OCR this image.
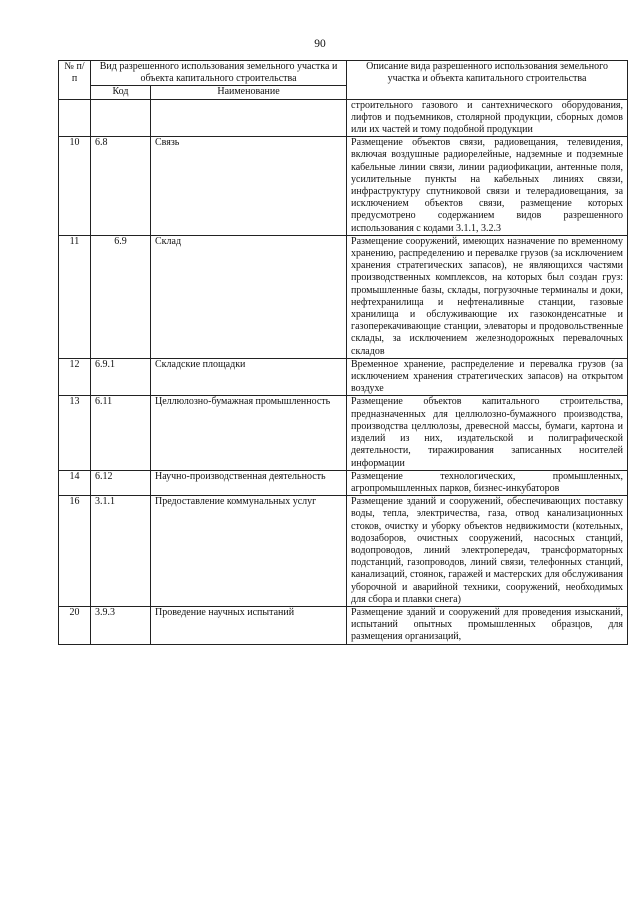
90
№ п/п	Вид разрешенного использования земельного участка и объекта капитального строительства		Описание вида разрешенного использования земельного участка и объекта капитального строительства
	Код	Наименование	
			строительного газового и сантехнического оборудования, лифтов и подъемников, столярной продукции, сборных домов или их частей и тому подобной продукции
10	6.8	Связь	Размещение объектов связи, радиовещания, телевидения, включая воздушные радиорелейные, надземные и подземные кабельные линии связи, линии радиофикации, антенные поля, усилительные пункты на кабельных линиях связи, инфраструктуру спутниковой связи и телерадиовещания, за исключением объектов связи, размещение которых предусмотрено содержанием видов разрешенного использования с кодами 3.1.1, 3.2.3
11	6.9	Склад	Размещение сооружений, имеющих назначение по временному хранению, распределению и перевалке грузов (за исключением хранения стратегических запасов), не являющихся частями производственных комплексов, на которых был создан груз: промышленные базы, склады, погрузочные терминалы и доки, нефтехранилища и нефтеналивные станции, газовые хранилища и обслуживающие их газоконденсатные и газоперекачивающие станции, элеваторы и продовольственные склады, за исключением железнодорожных перевалочных складов
12	6.9.1	Складские площадки	Временное хранение, распределение и перевалка грузов (за исключением хранения стратегических запасов) на открытом воздухе
13	6.11	Целлюлозно-бумажная промышленность	Размещение объектов капитального строительства, предназначенных для целлюлозно-бумажного производства, производства целлюлозы, древесной массы, бумаги, картона и изделий из них, издательской и полиграфической деятельности, тиражирования записанных носителей информации
14	6.12	Научно-производственная деятельность	Размещение технологических, промышленных, агропромышленных парков, бизнес-инкубаторов
16	3.1.1	Предоставление коммунальных услуг	Размещение зданий и сооружений, обеспечивающих поставку воды, тепла, электричества, газа, отвод канализационных стоков, очистку и уборку объектов недвижимости (котельных, водозаборов, очистных сооружений, насосных станций, водопроводов, линий электропередач, трансформаторных подстанций, газопроводов, линий связи, телефонных станций, канализаций, стоянок, гаражей и мастерских для обслуживания уборочной и аварийной техники, сооружений, необходимых для сбора и плавки снега)
20	3.9.3	Проведение научных испытаний	Размещение зданий и сооружений для проведения изысканий, испытаний опытных промышленных образцов, для размещения организаций,
